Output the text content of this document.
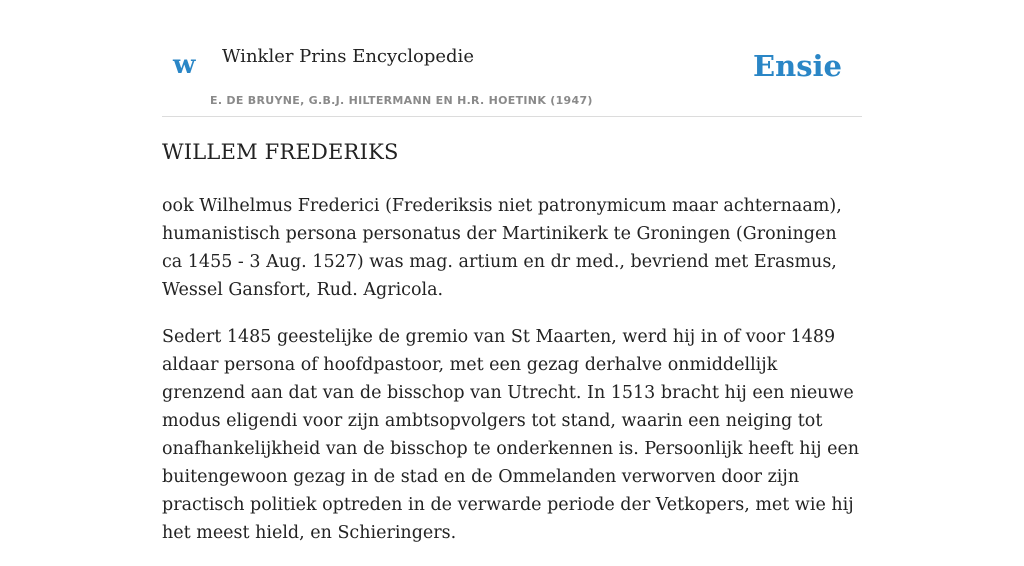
w Winkler Prins Encyclopedie
E. DE BRUYNE, G.B.J. HILTERMANN EN H.R. HOETINK (1947)
Ensie
WILLEM FREDERIKS

ook Wilhelmus Frederici (Frederiksis niet patronymicum maar achternaam), humanistisch persona personatus der Martinikerk te Groningen (Groningen ca 1455 - 3 Aug. 1527) was mag. artium en dr med., bevriend met Erasmus, Wessel Gansfort, Rud. Agricola.

Sedert 1485 geestelijke de gremio van St Maarten, werd hij in of voor 1489 aldaar persona of hoofdpastoor, met een gezag derhalve onmiddellijk grenzend aan dat van de bisschop van Utrecht. In 1513 bracht hij een nieuwe modus eligendi voor zijn ambtsopvolgers tot stand, waarin een neiging tot onafhankelijkheid van de bisschop te onderkennen is. Persoonlijk heeft hij een buitengewoon gezag in de stad en de Ommelanden verworven door zijn practisch politiek optreden in de verwarde periode der Vetkopers, met wie hij het meest hield, en Schieringers.
